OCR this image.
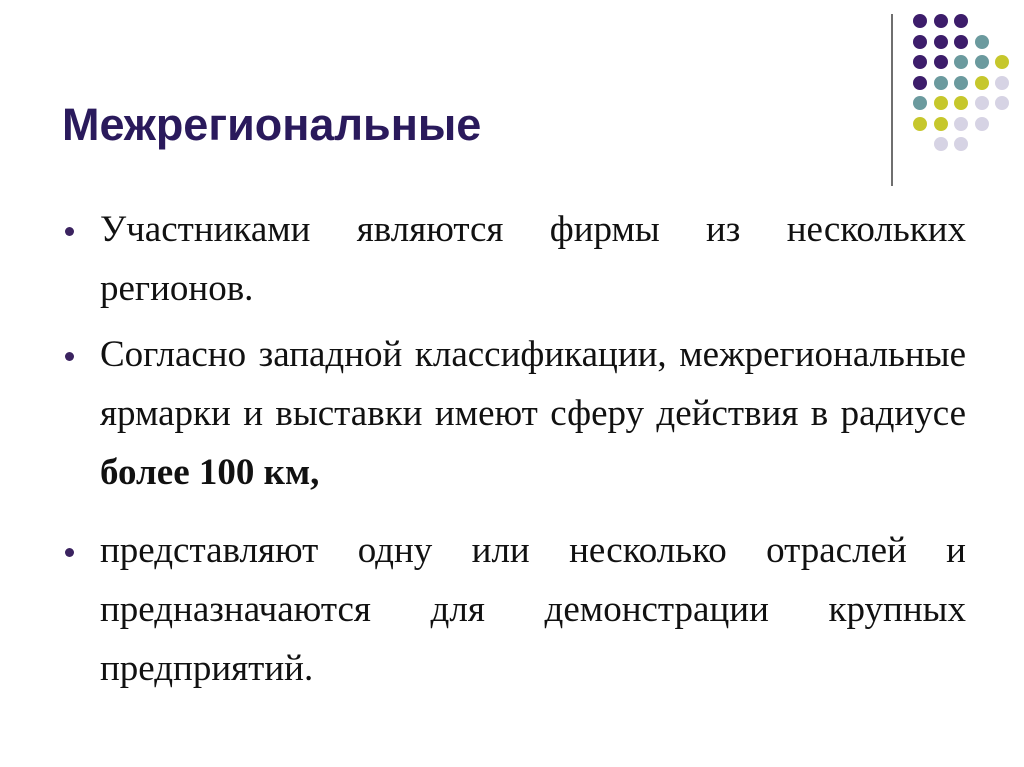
Межрегиональные

Участниками являются фирмы из нескольких регионов.

Согласно западной классификации, межрегиональные ярмарки и выставки имеют сферу действия в радиусе более 100 км,

представляют одну или несколько отраслей и предназначаются для демонстрации крупных предприятий.
